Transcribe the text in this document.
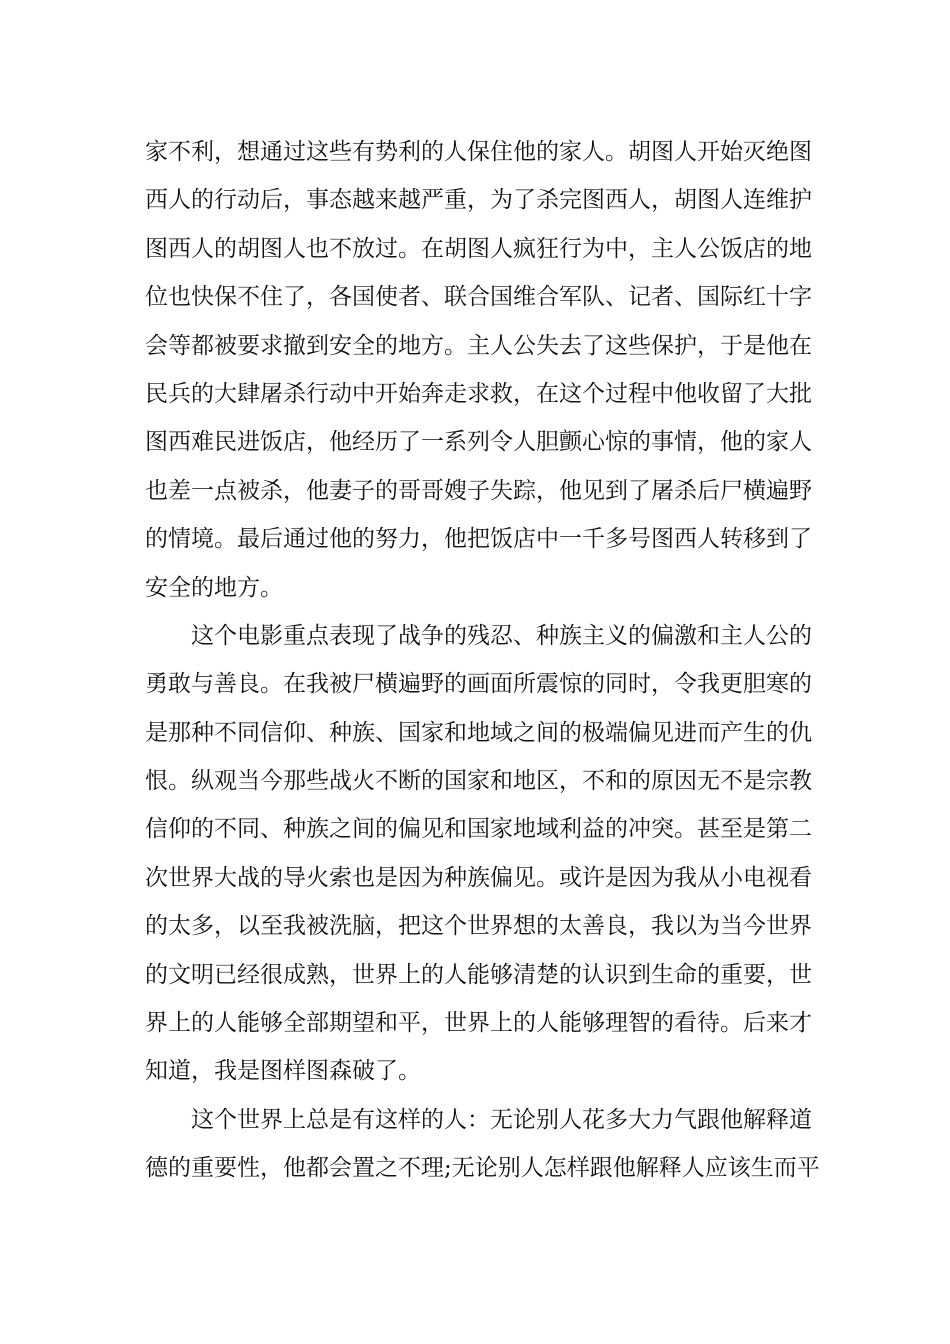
家不利，想通过这些有势利的人保住他的家人。胡图人开始灭绝图
西人的行动后，事态越来越严重，为了杀完图西人，胡图人连维护
图西人的胡图人也不放过。在胡图人疯狂行为中，主人公饭店的地
位也快保不住了，各国使者、联合国维合军队、记者、国际红十字
会等都被要求撤到安全的地方。主人公失去了这些保护，于是他在
民兵的大肆屠杀行动中开始奔走求救，在这个过程中他收留了大批
图西难民进饭店，他经历了一系列令人胆颤心惊的事情，他的家人
也差一点被杀，他妻子的哥哥嫂子失踪，他见到了屠杀后尸横遍野
的情境。最后通过他的努力，他把饭店中一千多号图西人转移到了
安全的地方。
这个电影重点表现了战争的残忍、种族主义的偏激和主人公的
勇敢与善良。在我被尸横遍野的画面所震惊的同时，令我更胆寒的
是那种不同信仰、种族、国家和地域之间的极端偏见进而产生的仇
恨。纵观当今那些战火不断的国家和地区，不和的原因无不是宗教
信仰的不同、种族之间的偏见和国家地域利益的冲突。甚至是第二
次世界大战的导火索也是因为种族偏见。或许是因为我从小电视看
的太多，以至我被洗脑，把这个世界想的太善良，我以为当今世界
的文明已经很成熟，世界上的人能够清楚的认识到生命的重要，世
界上的人能够全部期望和平，世界上的人能够理智的看待。后来才
知道，我是图样图森破了。
这个世界上总是有这样的人：无论别人花多大力气跟他解释道
德的重要性，他都会置之不理;无论别人怎样跟他解释人应该生而平
